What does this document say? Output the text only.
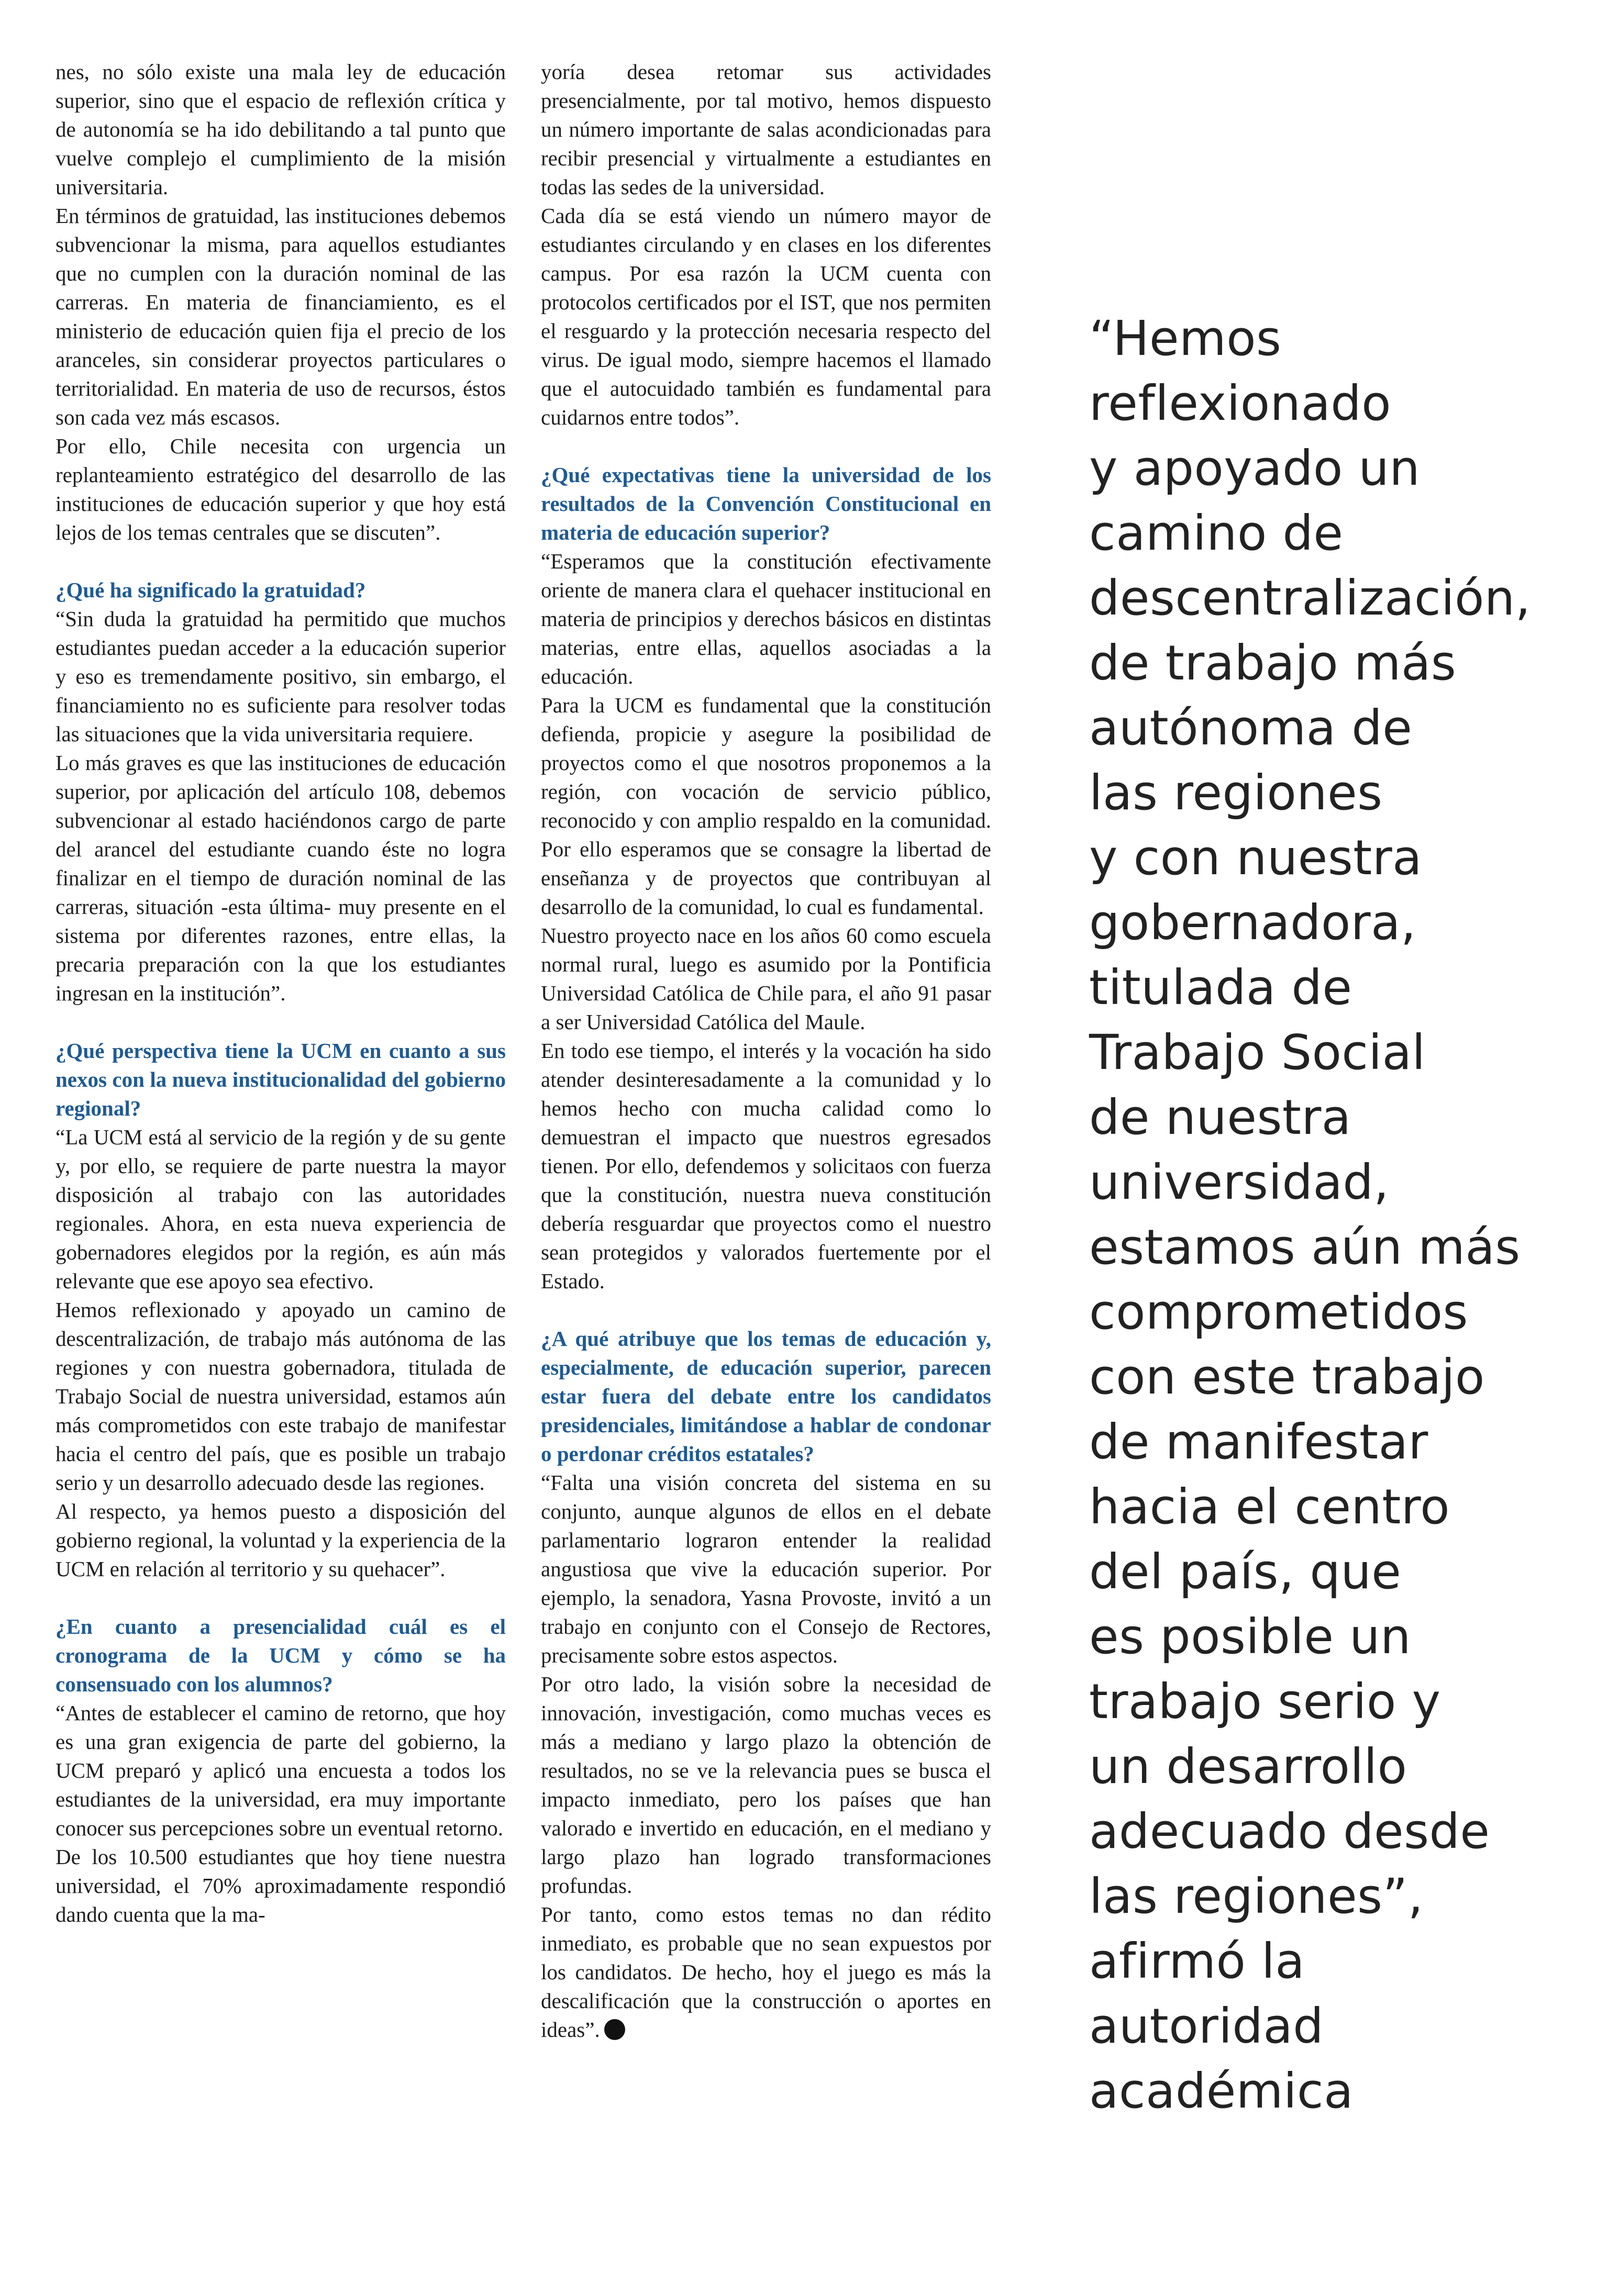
nes, no sólo existe una mala ley de educación superior, sino que el espacio de reflexión crítica y de autonomía se ha ido debilitando a tal punto que vuelve complejo el cumplimiento de la misión universitaria.

En términos de gratuidad, las instituciones debemos subvencionar la misma, para aquellos estudiantes que no cumplen con la duración nominal de las carreras. En materia de financiamiento, es el ministerio de educación quien fija el precio de los aranceles, sin considerar proyectos particulares o territorialidad. En materia de uso de recursos, éstos son cada vez más escasos.

Por ello, Chile necesita con urgencia un replanteamiento estratégico del desarrollo de las instituciones de educación superior y que hoy está lejos de los temas centrales que se discuten”.

¿Qué ha significado la gratuidad?

“Sin duda la gratuidad ha permitido que muchos estudiantes puedan acceder a la educación superior y eso es tremendamente positivo, sin embargo, el financiamiento no es suficiente para resolver todas las situaciones que la vida universitaria requiere.

Lo más graves es que las instituciones de educación superior, por aplicación del artículo 108, debemos subvencionar al estado haciéndonos cargo de parte del arancel del estudiante cuando éste no logra finalizar en el tiempo de duración nominal de las carreras, situación -esta última- muy presente en el sistema por diferentes razones, entre ellas, la precaria preparación con la que los estudiantes ingresan en la institución”.

¿Qué perspectiva tiene la UCM en cuanto a sus nexos con la nueva institucionalidad del gobierno regional?

“La UCM está al servicio de la región y de su gente y, por ello, se requiere de parte nuestra la mayor disposición al trabajo con las autoridades regionales. Ahora, en esta nueva experiencia de gobernadores elegidos por la región, es aún más relevante que ese apoyo sea efectivo.

Hemos reflexionado y apoyado un camino de descentralización, de trabajo más autónoma de las regiones y con nuestra gobernadora, titulada de Trabajo Social de nuestra universidad, estamos aún más comprometidos con este trabajo de manifestar hacia el centro del país, que es posible un trabajo serio y un desarrollo adecuado desde las regiones.

Al respecto, ya hemos puesto a disposición del gobierno regional, la voluntad y la experiencia de la UCM en relación al territorio y su quehacer”.

¿En cuanto a presencialidad cuál es el cronograma de la UCM y cómo se ha consensuado con los alumnos?

“Antes de establecer el camino de retorno, que hoy es una gran exigencia de parte del gobierno, la UCM preparó y aplicó una encuesta a todos los estudiantes de la universidad, era muy importante conocer sus percepciones sobre un eventual retorno.

De los 10.500 estudiantes que hoy tiene nuestra universidad, el 70% aproximadamente respondió dando cuenta que la ma-

yoría desea retomar sus actividades presencialmente, por tal motivo, hemos dispuesto un número importante de salas acondicionadas para recibir presencial y virtualmente a estudiantes en todas las sedes de la universidad.

Cada día se está viendo un número mayor de estudiantes circulando y en clases en los diferentes campus. Por esa razón la UCM cuenta con protocolos certificados por el IST, que nos permiten el resguardo y la protección necesaria respecto del virus. De igual modo, siempre hacemos el llamado que el autocuidado también es fundamental para cuidarnos entre todos”.

¿Qué expectativas tiene la universidad de los resultados de la Convención Constitucional en materia de educación superior?

“Esperamos que la constitución efectivamente oriente de manera clara el quehacer institucional en materia de principios y derechos básicos en distintas materias, entre ellas, aquellos asociadas a la educación.

Para la UCM es fundamental que la constitución defienda, propicie y asegure la posibilidad de proyectos como el que nosotros proponemos a la región, con vocación de servicio público, reconocido y con amplio respaldo en la comunidad. Por ello esperamos que se consagre la libertad de enseñanza y de proyectos que contribuyan al desarrollo de la comunidad, lo cual es fundamental.

Nuestro proyecto nace en los años 60 como escuela normal rural, luego es asumido por la Pontificia Universidad Católica de Chile para, el año 91 pasar a ser Universidad Católica del Maule.

En todo ese tiempo, el interés y la vocación ha sido atender desinteresadamente a la comunidad y lo hemos hecho con mucha calidad como lo demuestran el impacto que nuestros egresados tienen. Por ello, defendemos y solicitaos con fuerza que la constitución, nuestra nueva constitución debería resguardar que proyectos como el nuestro sean protegidos y valorados fuertemente por el Estado.

¿A qué atribuye que los temas de educación y, especialmente, de educación superior, parecen estar fuera del debate entre los candidatos presidenciales, limitándose a hablar de condonar o perdonar créditos estatales?

“Falta una visión concreta del sistema en su conjunto, aunque algunos de ellos en el debate parlamentario lograron entender la realidad angustiosa que vive la educación superior. Por ejemplo, la senadora, Yasna Provoste, invitó a un trabajo en conjunto con el Consejo de Rectores, precisamente sobre estos aspectos.

Por otro lado, la visión sobre la necesidad de innovación, investigación, como muchas veces es más a mediano y largo plazo la obtención de resultados, no se ve la relevancia pues se busca el impacto inmediato, pero los países que han valorado e invertido en educación, en el mediano y largo plazo han logrado transformaciones profundas.

Por tanto, como estos temas no dan rédito inmediato, es probable que no sean expuestos por los candidatos. De hecho, hoy el juego es más la descalificación que la construcción o aportes en ideas”.

“Hemos
reflexionado
y apoyado un
camino de
descentralización,
de trabajo más
autónoma de
las regiones
y con nuestra
gobernadora,
titulada de
Trabajo Social
de nuestra
universidad,
estamos aún más
comprometidos
con este trabajo
de manifestar
hacia el centro
del país, que
es posible un
trabajo serio y
un desarrollo
adecuado desde
las regiones”,
afirmó la
autoridad
académica
